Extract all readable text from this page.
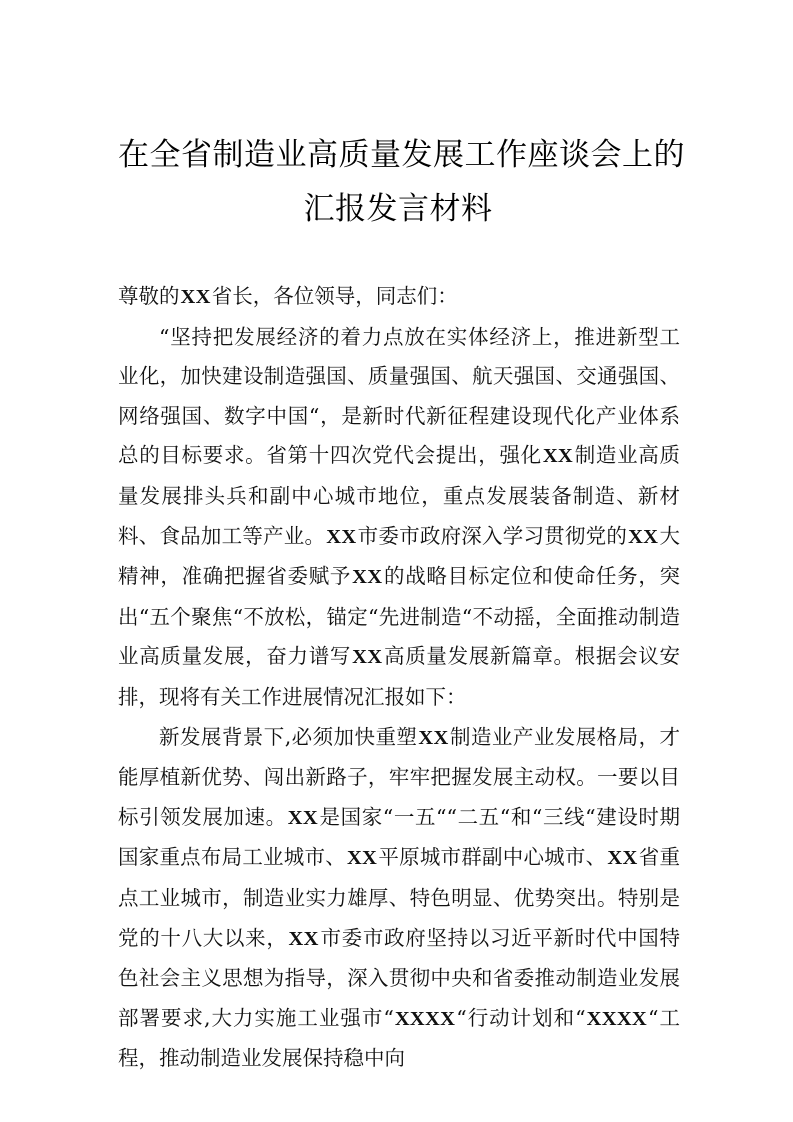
在全省制造业高质量发展工作座谈会上的
汇报发言材料

尊敬的XX省长，各位领导，同志们：

“坚持把发展经济的着力点放在实体经济上，推进新型工业化，加快建设制造强国、质量强国、航天强国、交通强国、网络强国、数字中国“，是新时代新征程建设现代化产业体系总的目标要求。省第十四次党代会提出，强化XX制造业高质量发展排头兵和副中心城市地位，重点发展装备制造、新材料、食品加工等产业。XX市委市政府深入学习贯彻党的XX大精神，准确把握省委赋予XX的战略目标定位和使命任务，突出“五个聚焦“不放松，锚定“先进制造“不动摇，全面推动制造业高质量发展，奋力谱写XX高质量发展新篇章。根据会议安排，现将有关工作进展情况汇报如下：

新发展背景下,必须加快重塑XX制造业产业发展格局，才能厚植新优势、闯出新路子，牢牢把握发展主动权。一要以目标引领发展加速。XX是国家“一五““二五“和“三线“建设时期国家重点布局工业城市、XX平原城市群副中心城市、XX省重点工业城市，制造业实力雄厚、特色明显、优势突出。特别是党的十八大以来，XX市委市政府坚持以习近平新时代中国特色社会主义思想为指导，深入贯彻中央和省委推动制造业发展部署要求,大力实施工业强市“XXXX“行动计划和“XXXX“工程，推动制造业发展保持稳中向
